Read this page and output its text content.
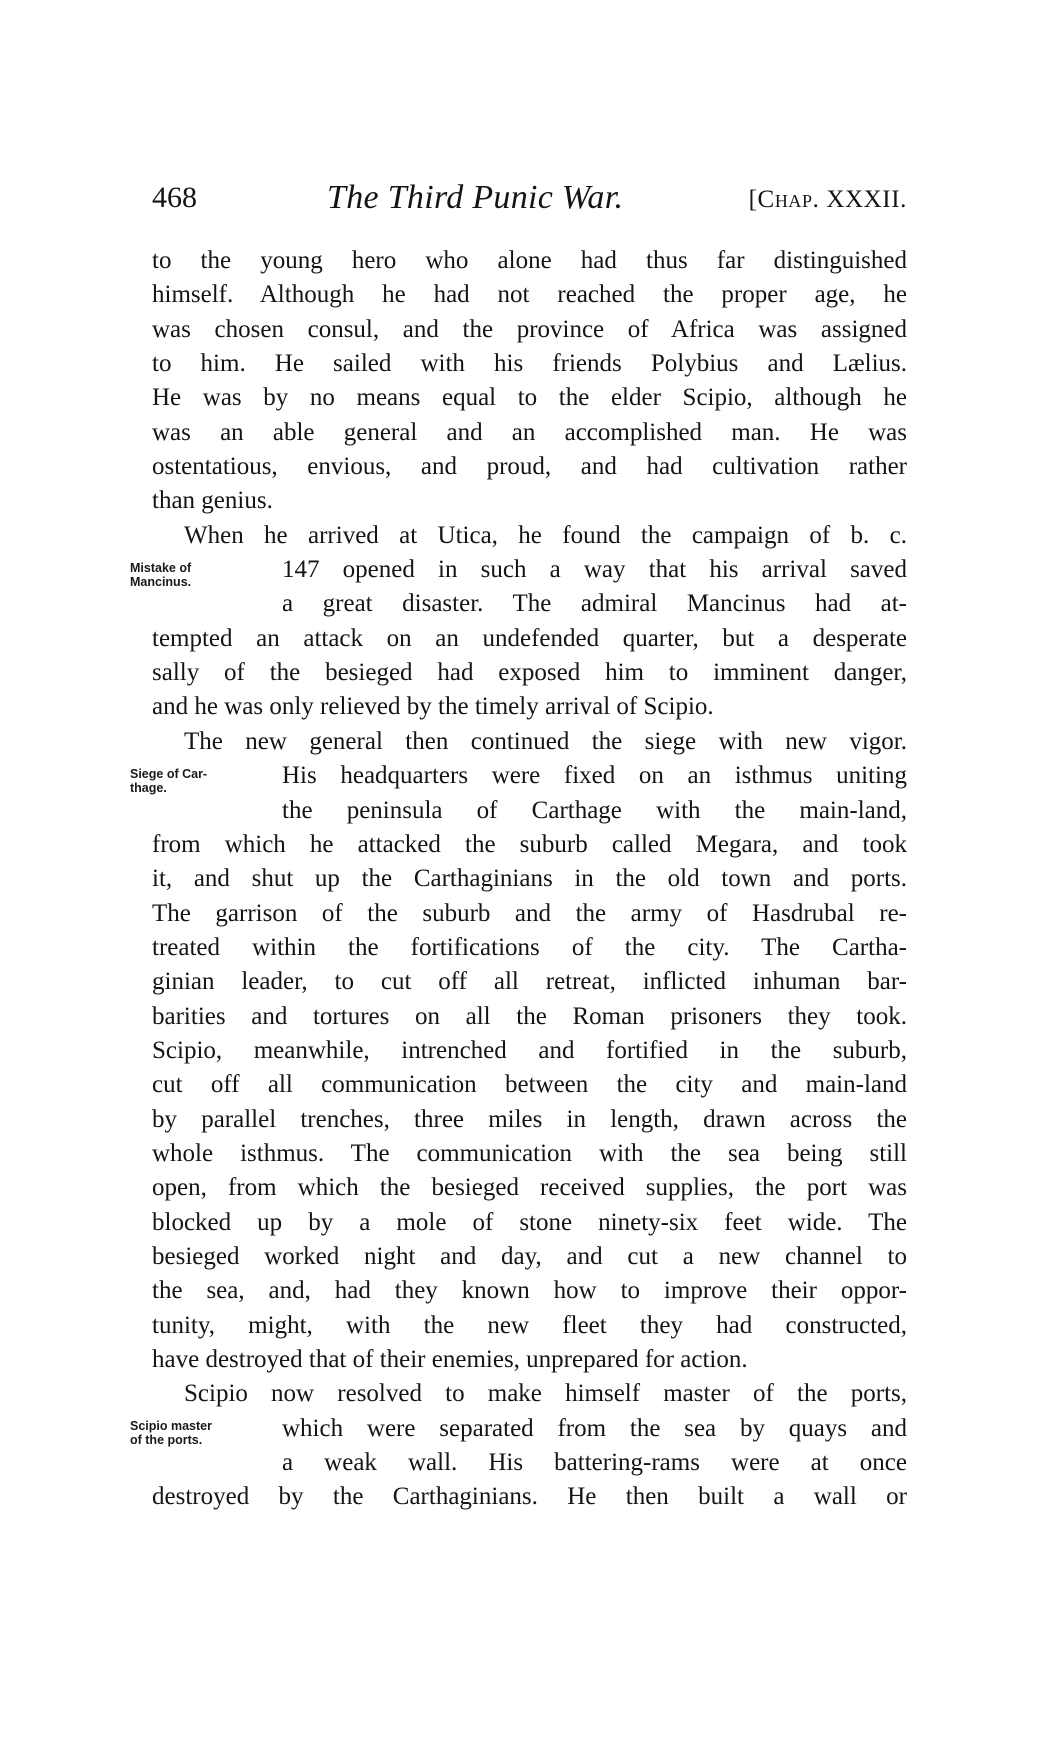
468	The Third Punic War.	[Chap. XXXII.
to the young hero who alone had thus far distinguished
himself. Although he had not reached the proper age, he
was chosen consul, and the province of Africa was assigned
to him. He sailed with his friends Polybius and Lælius.
He was by no means equal to the elder Scipio, although he
was an able general and an accomplished man. He was
ostentatious, envious, and proud, and had cultivation rather
than genius.
Mistake of
Mancinus.
When he arrived at Utica, he found the campaign of b. c.
147 opened in such a way that his arrival saved
a great disaster. The admiral Mancinus had at-
tempted an attack on an undefended quarter, but a desperate
sally of the besieged had exposed him to imminent danger,
and he was only relieved by the timely arrival of Scipio.
Siege of Car-
thage.
The new general then continued the siege with new vigor.
His headquarters were fixed on an isthmus uniting
the peninsula of Carthage with the main-land,
from which he attacked the suburb called Megara, and took
it, and shut up the Carthaginians in the old town and ports.
The garrison of the suburb and the army of Hasdrubal re-
treated within the fortifications of the city. The Cartha-
ginian leader, to cut off all retreat, inflicted inhuman bar-
barities and tortures on all the Roman prisoners they took.
Scipio, meanwhile, intrenched and fortified in the suburb,
cut off all communication between the city and main-land
by parallel trenches, three miles in length, drawn across the
whole isthmus. The communication with the sea being still
open, from which the besieged received supplies, the port was
blocked up by a mole of stone ninety-six feet wide. The
besieged worked night and day, and cut a new channel to
the sea, and, had they known how to improve their oppor-
tunity, might, with the new fleet they had constructed,
have destroyed that of their enemies, unprepared for action.
Scipio master
of the ports.
Scipio now resolved to make himself master of the ports,
which were separated from the sea by quays and
a weak wall. His battering-rams were at once
destroyed by the Carthaginians. He then built a wall or
